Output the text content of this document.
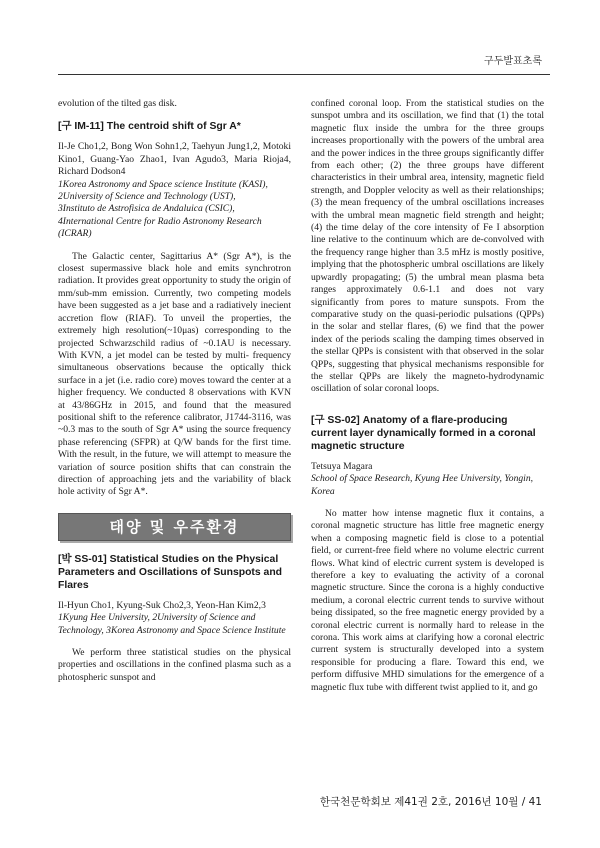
구두발표초록

evolution of the tilted gas disk.

[구 IM-11] The centroid shift of Sgr A*

Il-Je Cho1,2, Bong Won Sohn1,2, Taehyun Jung1,2, Motoki Kino1, Guang-Yao Zhao1, Ivan Agudo3, Maria Rioja4, Richard Dodson4

1Korea Astronomy and Space science Institute (KASI),
2University of Science and Technology (UST),
3Instituto de Astrofisica de Andaluica (CSIC),
4International Centre for Radio Astronomy Research (ICRAR)

The Galactic center, Sagittarius A* (Sgr A*), is the closest supermassive black hole and emits synchrotron radiation. It provides great opportunity to study the origin of mm/sub-mm emission. Currently, two competing models have been suggested as a jet base and a radiatively inecient accretion flow (RIAF). To unveil the properties, the extremely high resolution(~10μas) corresponding to the projected Schwarzschild radius of ~0.1AU is necessary. With KVN, a jet model can be tested by multi- frequency simultaneous observations because the optically thick surface in a jet (i.e. radio core) moves toward the center at a higher frequency. We conducted 8 observations with KVN at 43/86GHz in 2015, and found that the measured positional shift to the reference calibrator, J1744-3116, was ~0.3 mas to the south of Sgr A* using the source frequency phase referencing (SFPR) at Q/W bands for the first time. With the result, in the future, we will attempt to measure the variation of source position shifts that can constrain the direction of approaching jets and the variability of black hole activity of Sgr A*.

태양 및 우주환경
[박 SS-01] Statistical Studies on the Physical Parameters and Oscillations of Sunspots and Flares

Il-Hyun Cho1, Kyung-Suk Cho2,3, Yeon-Han Kim2,3

1Kyung Hee University, 2University of Science and Technology, 3Korea Astronomy and Space Science Institute

We perform three statistical studies on the physical properties and oscillations in the confined plasma such as a photospheric sunspot and

confined coronal loop. From the statistical studies on the sunspot umbra and its oscillation, we find that (1) the total magnetic flux inside the umbra for the three groups increases proportionally with the powers of the umbral area and the power indices in the three groups significantly differ from each other; (2) the three groups have different characteristics in their umbral area, intensity, magnetic field strength, and Doppler velocity as well as their relationships; (3) the mean frequency of the umbral oscillations increases with the umbral mean magnetic field strength and height; (4) the time delay of the core intensity of Fe I absorption line relative to the continuum which are de-convolved with the frequency range higher than 3.5 mHz is mostly positive, implying that the photospheric umbral oscillations are likely upwardly propagating; (5) the umbral mean plasma beta ranges approximately 0.6-1.1 and does not vary significantly from pores to mature sunspots. From the comparative study on the quasi-periodic pulsations (QPPs) in the solar and stellar flares, (6) we find that the power index of the periods scaling the damping times observed in the stellar QPPs is consistent with that observed in the solar QPPs, suggesting that physical mechanisms responsible for the stellar QPPs are likely the magneto-hydrodynamic oscillation of solar coronal loops.

[구 SS-02] Anatomy of a flare-producing current layer dynamically formed in a coronal magnetic structure

Tetsuya Magara

School of Space Research, Kyung Hee University, Yongin, Korea

No matter how intense magnetic flux it contains, a coronal magnetic structure has little free magnetic energy when a composing magnetic field is close to a potential field, or current-free field where no volume electric current flows. What kind of electric current system is developed is therefore a key to evaluating the activity of a coronal magnetic structure. Since the corona is a highly conductive medium, a coronal electric current tends to survive without being dissipated, so the free magnetic energy provided by a coronal electric current is normally hard to release in the corona. This work aims at clarifying how a coronal electric current system is structurally developed into a system responsible for producing a flare. Toward this end, we perform diffusive MHD simulations for the emergence of a magnetic flux tube with different twist applied to it, and go

한국천문학회보 제41권 2호, 2016년 10월 / 41
